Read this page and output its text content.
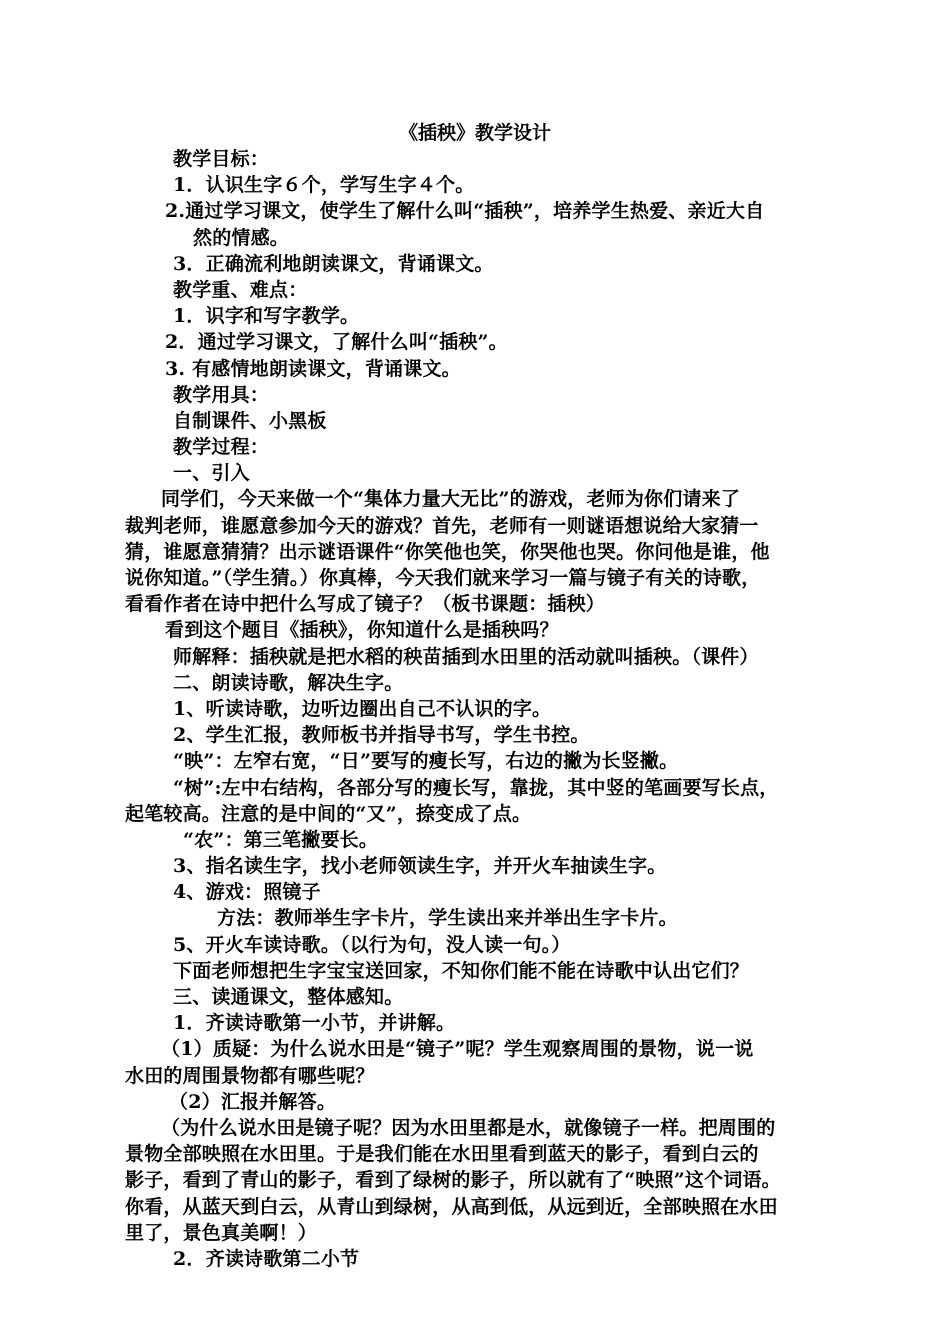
《插秧》教学设计
教学目标：
1．认识生字６个，学写生字４个。
2.通过学习课文，使学生了解什么叫“插秧”，培养学生热爱、亲近大自
然的情感。
3．正确流利地朗读课文，背诵课文。
教学重、难点：
1．识字和写字教学。
2．通过学习课文，了解什么叫“插秧”。
3. 有感情地朗读课文，背诵课文。
教学用具：
自制课件、小黑板
教学过程：
一、引入
同学们，今天来做一个“集体力量大无比”的游戏，老师为你们请来了
裁判老师，谁愿意参加今天的游戏？首先，老师有一则谜语想说给大家猜一
猜，谁愿意猜猜？出示谜语课件“你笑他也笑，你哭他也哭。你问他是谁，他
说你知道。”（学生猜。）你真棒，今天我们就来学习一篇与镜子有关的诗歌，
看看作者在诗中把什么写成了镜子？（板书课题：插秧）
看到这个题目《插秧》，你知道什么是插秧吗？
师解释：插秧就是把水稻的秧苗插到水田里的活动就叫插秧。（课件）
二、朗读诗歌，解决生字。
1、听读诗歌，边听边圈出自己不认识的字。
2、学生汇报，教师板书并指导书写，学生书控。
“映”：左窄右宽，“日”要写的瘦长写，右边的撇为长竖撇。
“树”:左中右结构，各部分写的瘦长写，靠拢，其中竖的笔画要写长点，
起笔较高。注意的是中间的“又”，捺变成了点。
“农”：第三笔撇要长。
3、指名读生字，找小老师领读生字，并开火车抽读生字。
4、游戏：照镜子
方法：教师举生字卡片，学生读出来并举出生字卡片。
5、开火车读诗歌。（以行为句，没人读一句。）
下面老师想把生字宝宝送回家，不知你们能不能在诗歌中认出它们？
三、读通课文，整体感知。
1．齐读诗歌第一小节，并讲解。
（1）质疑：为什么说水田是“镜子”呢？学生观察周围的景物，说一说
水田的周围景物都有哪些呢？
（2）汇报并解答。
（为什么说水田是镜子呢？因为水田里都是水，就像镜子一样。把周围的
景物全部映照在水田里。于是我们能在水田里看到蓝天的影子，看到白云的
影子，看到了青山的影子，看到了绿树的影子，所以就有了“映照”这个词语。
你看，从蓝天到白云，从青山到绿树，从高到低，从远到近，全部映照在水田
里了，景色真美啊！）
2．齐读诗歌第二小节
